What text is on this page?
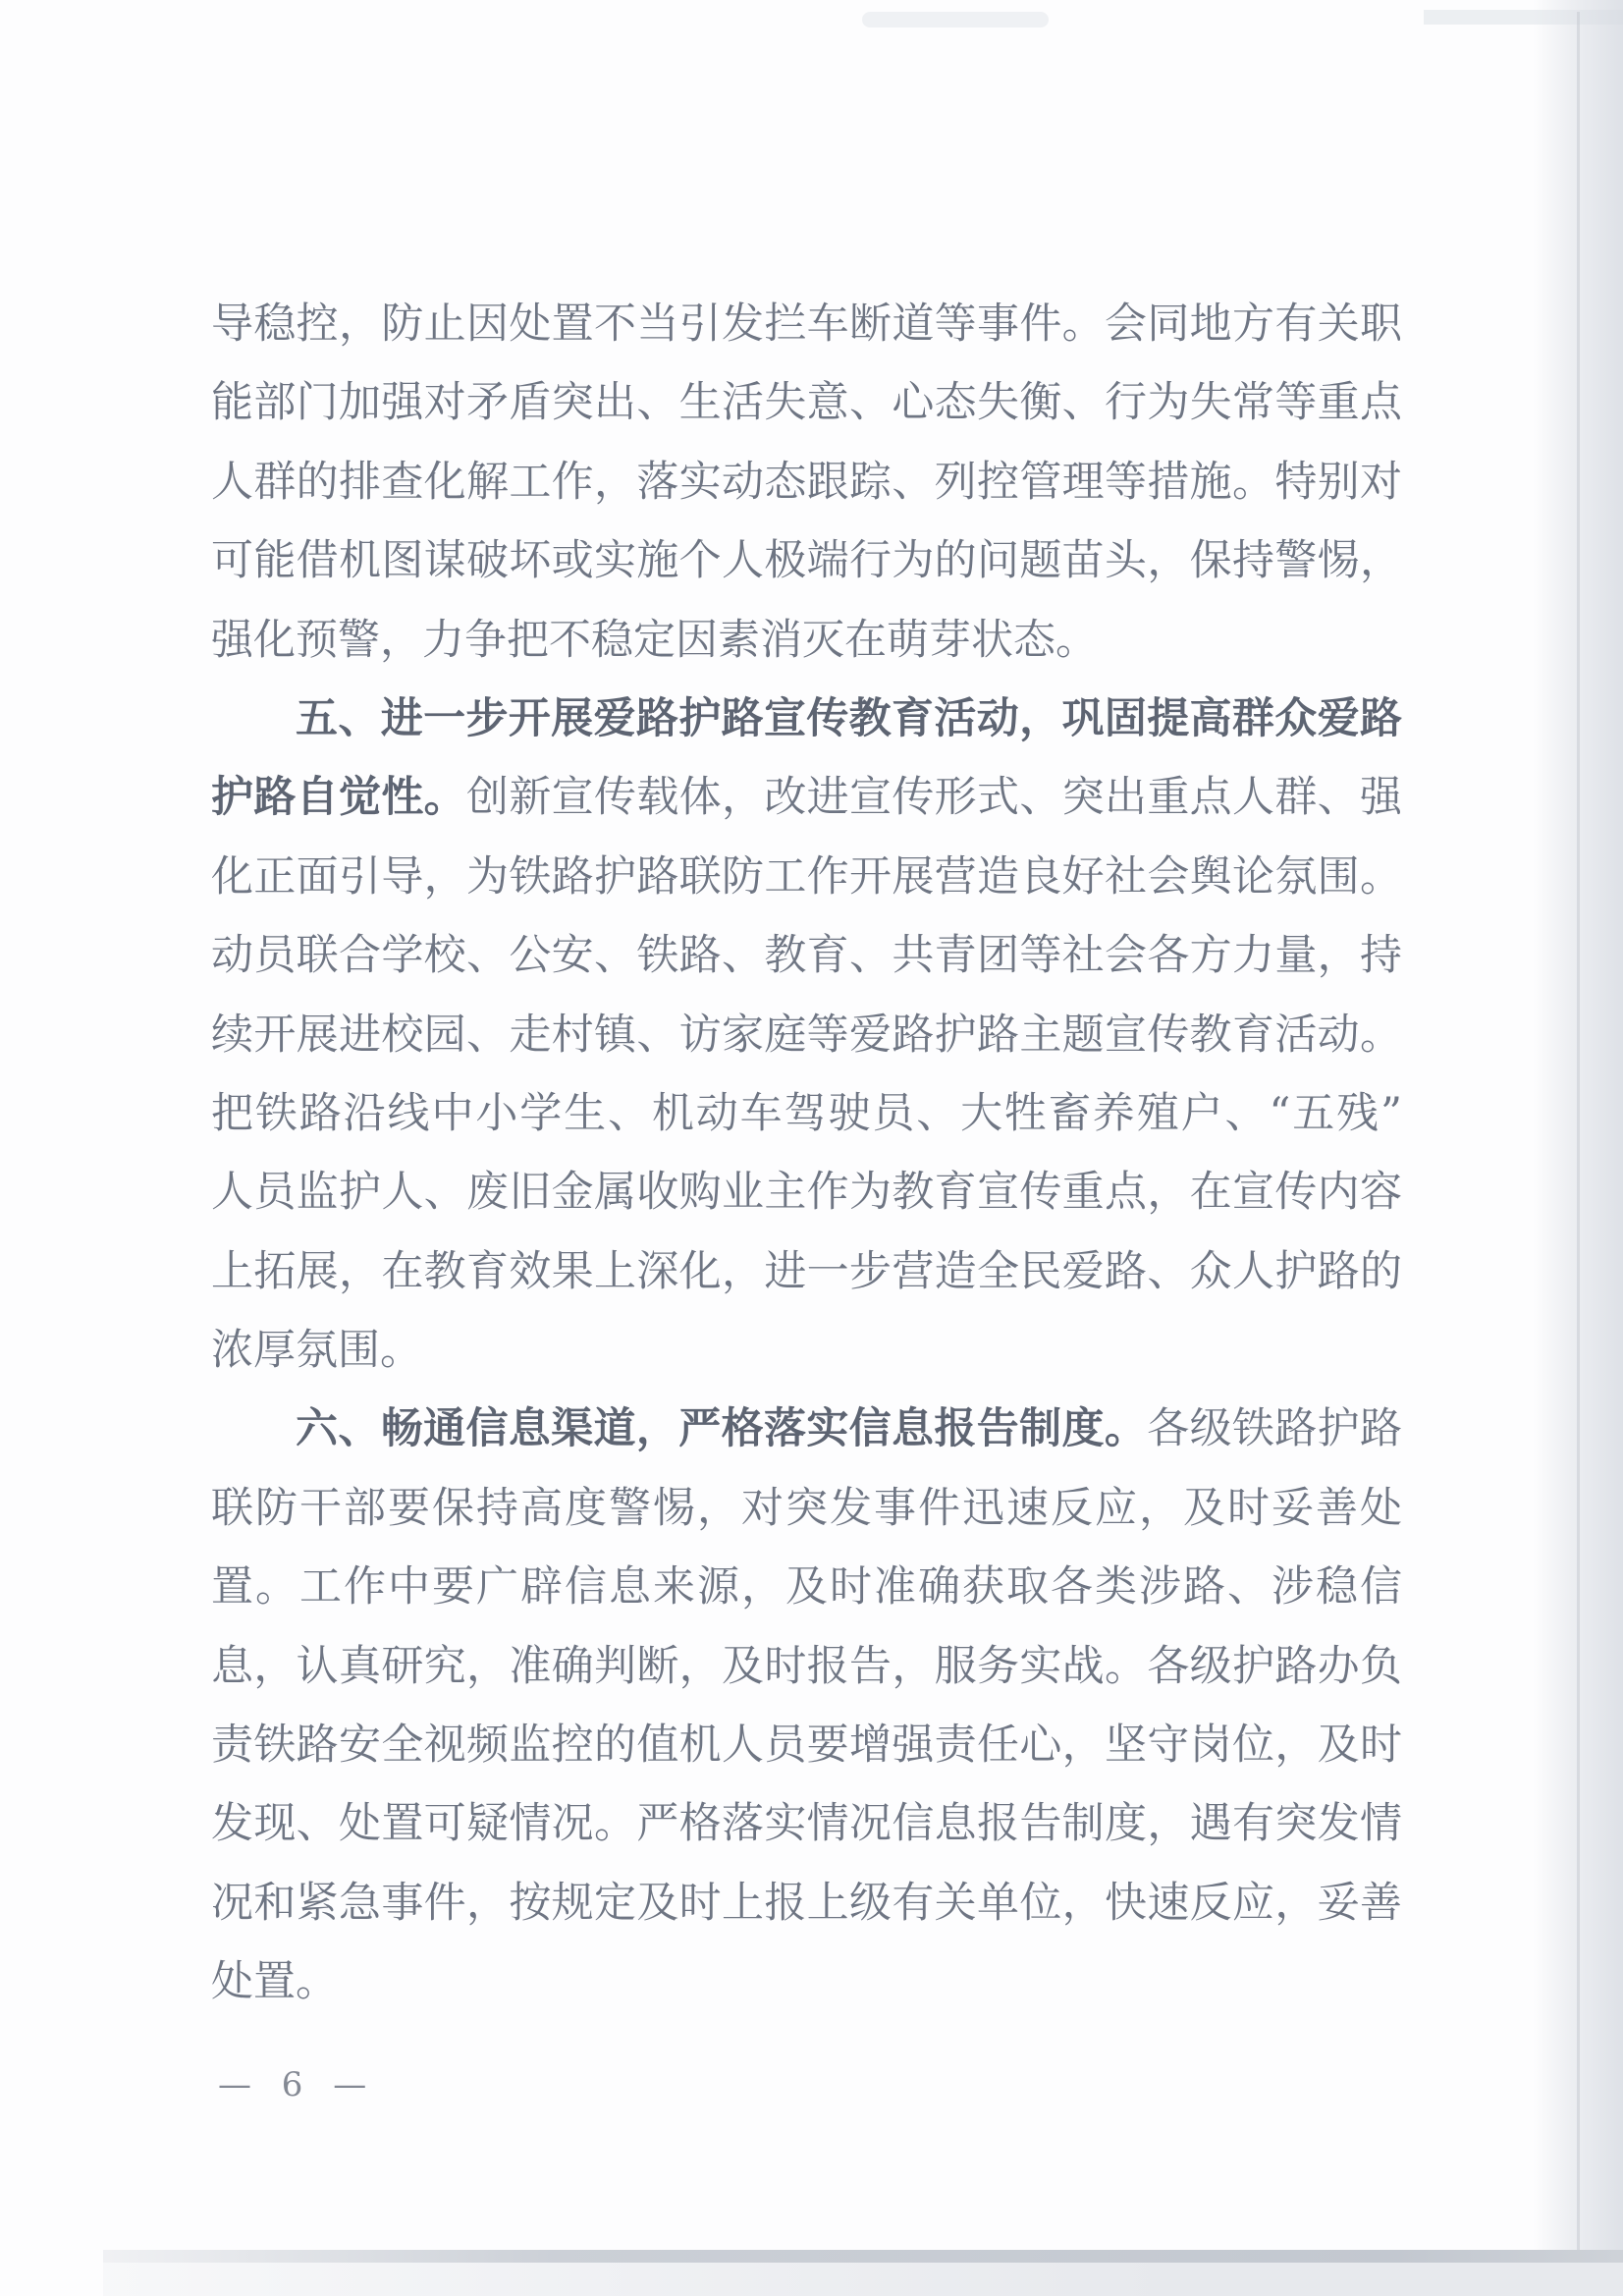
导稳控，防止因处置不当引发拦车断道等事件。会同地方有关职
能部门加强对矛盾突出、生活失意、心态失衡、行为失常等重点
人群的排查化解工作，落实动态跟踪、列控管理等措施。特别对
可能借机图谋破坏或实施个人极端行为的问题苗头，保持警惕，
强化预警，力争把不稳定因素消灭在萌芽状态。
五、进一步开展爱路护路宣传教育活动，巩固提高群众爱路
护路自觉性。创新宣传载体，改进宣传形式、突出重点人群、强
化正面引导，为铁路护路联防工作开展营造良好社会舆论氛围。
动员联合学校、公安、铁路、教育、共青团等社会各方力量，持
续开展进校园、走村镇、访家庭等爱路护路主题宣传教育活动。
把铁路沿线中小学生、机动车驾驶员、大牲畜养殖户、“五残”
人员监护人、废旧金属收购业主作为教育宣传重点，在宣传内容
上拓展，在教育效果上深化，进一步营造全民爱路、众人护路的
浓厚氛围。
六、畅通信息渠道，严格落实信息报告制度。各级铁路护路
联防干部要保持高度警惕，对突发事件迅速反应，及时妥善处
置。工作中要广辟信息来源，及时准确获取各类涉路、涉稳信
息，认真研究，准确判断，及时报告，服务实战。各级护路办负
责铁路安全视频监控的值机人员要增强责任心，坚守岗位，及时
发现、处置可疑情况。严格落实情况信息报告制度，遇有突发情
况和紧急事件，按规定及时上报上级有关单位，快速反应，妥善
处置。
— 6 —
